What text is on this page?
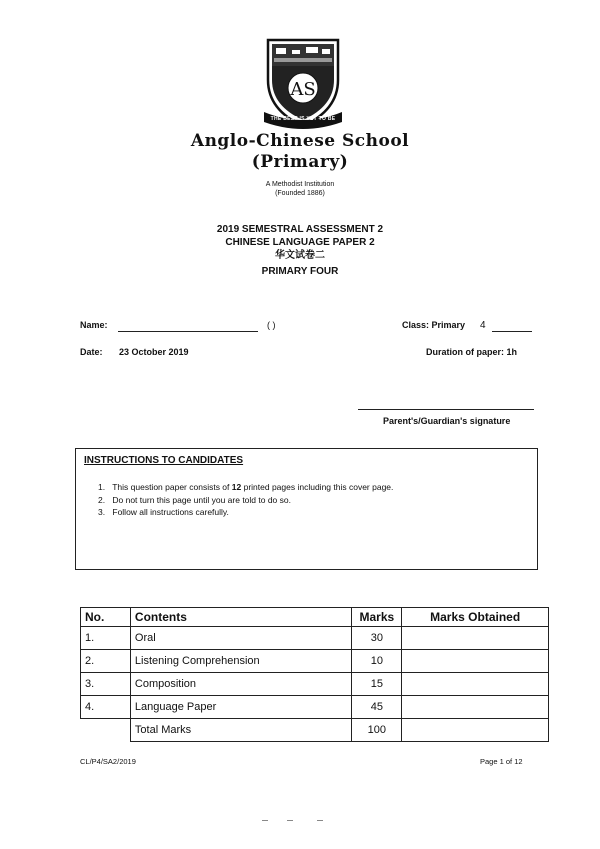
AS
THE BEST IS YET TO BE
Anglo-Chinese School
(Primary)
A Methodist Institution
(Founded 1886)
2019 SEMESTRAL ASSESSMENT 2
CHINESE LANGUAGE PAPER 2
华文试卷二
PRIMARY FOUR
Name:	( )	Class: Primary 4
Date: 23 October 2019	Duration of paper: 1h
Parent's/Guardian's signature
INSTRUCTIONS TO CANDIDATES
1. This question paper consists of 12 printed pages including this cover page.
2. Do not turn this page until you are told to do so.
3. Follow all instructions carefully.
No.	Contents	Marks	Marks Obtained
1.	Oral	30	
2.	Listening Comprehension	10	
3.	Composition	15	
4.	Language Paper	45	
	Total Marks	100	
CL/P4/SA2/2019	Page 1 of 12
